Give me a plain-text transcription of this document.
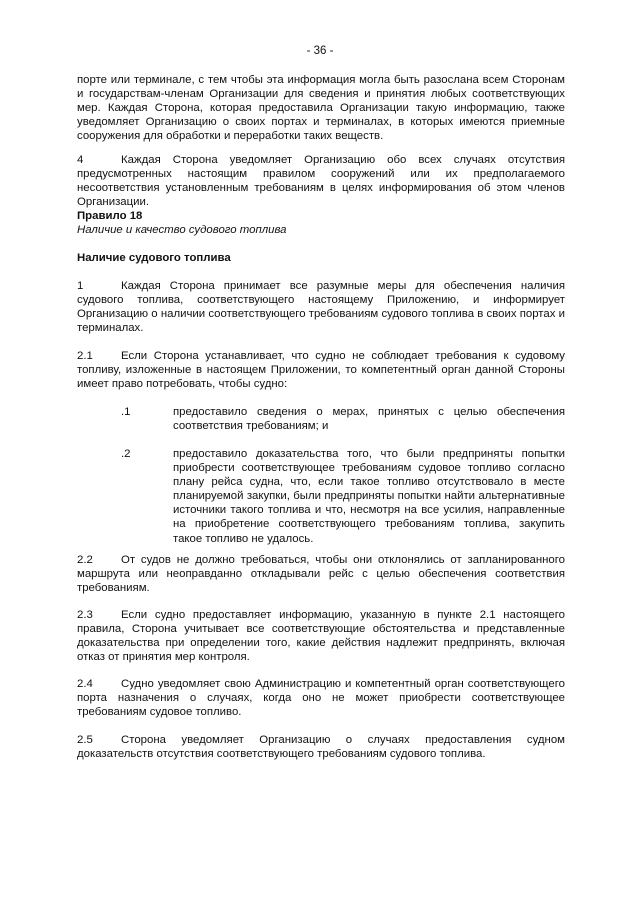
- 36 -
порте или терминале, с тем чтобы эта информация могла быть разослана всем Сторонам и государствам-членам Организации для сведения и принятия любых соответствующих мер. Каждая Сторона, которая предоставила Организации такую информацию, также уведомляет Организацию о своих портах и терминалах, в которых имеются приемные сооружения для обработки и переработки таких веществ.
4	Каждая Сторона уведомляет Организацию обо всех случаях отсутствия предусмотренных настоящим правилом сооружений или их предполагаемого несоответствия установленным требованиям в целях информирования об этом членов Организации.
Правило 18
Наличие и качество судового топлива
Наличие судового топлива
1	Каждая Сторона принимает все разумные меры для обеспечения наличия судового топлива, соответствующего настоящему Приложению, и информирует Организацию о наличии соответствующего требованиям судового топлива в своих портах и терминалах.
2.1 Если Сторона устанавливает, что судно не соблюдает требования к судовому топливу, изложенные в настоящем Приложении, то компетентный орган данной Стороны имеет право потребовать, чтобы судно:
.1	предоставило сведения о мерах, принятых с целью обеспечения соответствия требованиям; и
.2	предоставило доказательства того, что были предприняты попытки приобрести соответствующее требованиям судовое топливо согласно плану рейса судна, что, если такое топливо отсутствовало в месте планируемой закупки, были предприняты попытки найти альтернативные источники такого топлива и что, несмотря на все усилия, направленные на приобретение соответствующего требованиям топлива, закупить такое топливо не удалось.
2.2 От судов не должно требоваться, чтобы они отклонялись от запланированного маршрута или неоправданно откладывали рейс с целью обеспечения соответствия требованиям.
2.3 Если судно предоставляет информацию, указанную в пункте 2.1 настоящего правила, Сторона учитывает все соответствующие обстоятельства и представленные доказательства при определении того, какие действия надлежит предпринять, включая отказ от принятия мер контроля.
2.4 Судно уведомляет свою Администрацию и компетентный орган соответствующего порта назначения о случаях, когда оно не может приобрести соответствующее требованиям судовое топливо.
2.5 Сторона уведомляет Организацию о случаях предоставления судном доказательств отсутствия соответствующего требованиям судового топлива.
